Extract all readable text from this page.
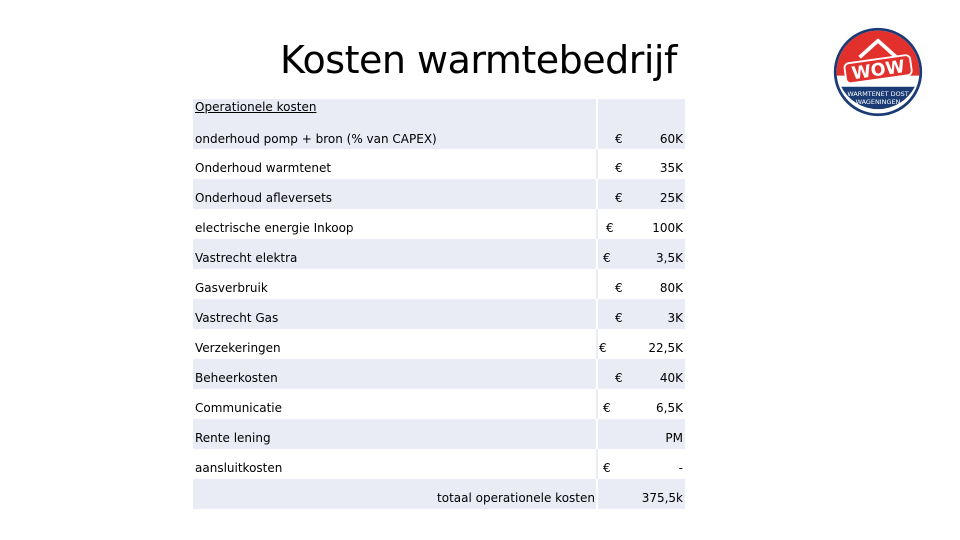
Kosten warmtebedrijf	WOW
WARMTENET DOST
WAGENINGEN
Operationele kosten
onderhoud pomp + bron (% van CAPEX)	€	60K
Onderhoud warmtenet	€	35K
Onderhoud afleversets	€	25K
electrische energie Inkoop	€	100K
Vastrecht elektra	€	3,5K
Gasverbruik	€	80K
Vastrecht Gas	€	3K
Verzekeringen	€	22,5K
Beheerkosten	€	40K
Communicatie	€	6,5K
Rente lening	PM
aansluitkosten	€	-
totaal operationele kosten	375,5k
